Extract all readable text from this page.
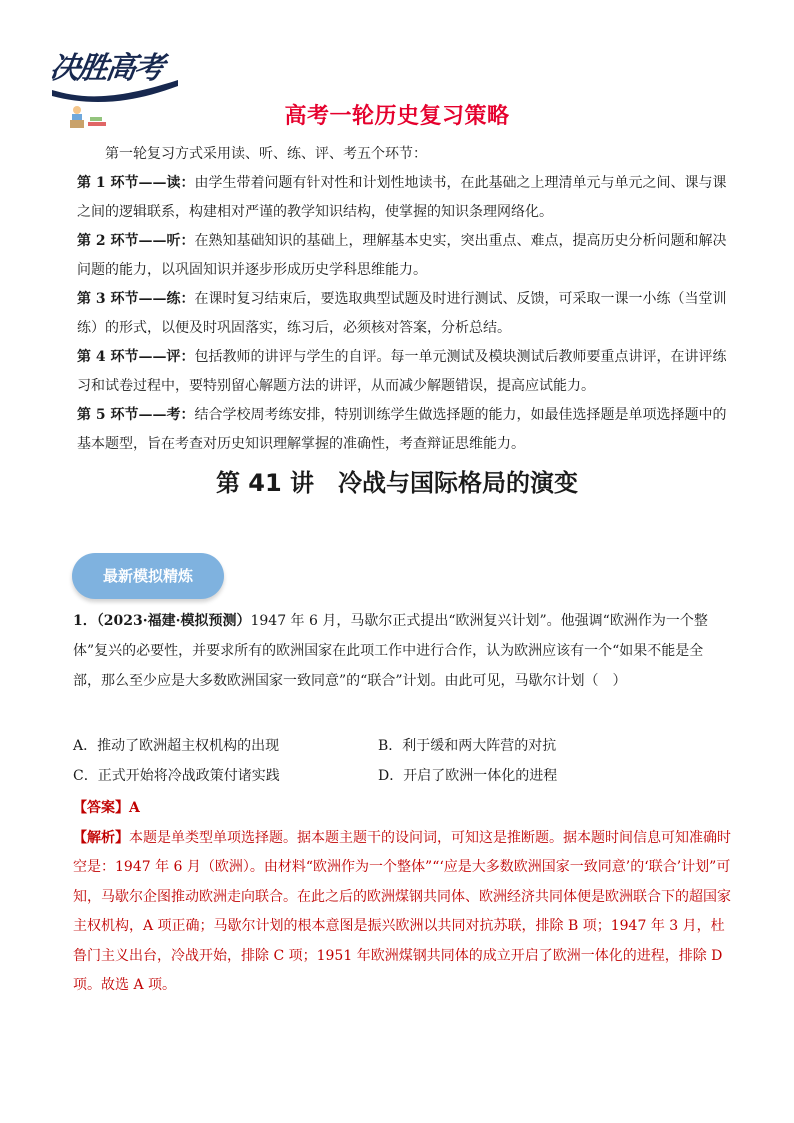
决胜高考
高考一轮历史复习策略

第一轮复习方式采用读、听、练、评、考五个环节：

第 1 环节——读：由学生带着问题有针对性和计划性地读书，在此基础之上理清单元与单元之间、课与课之间的逻辑联系，构建相对严谨的教学知识结构，使掌握的知识条理网络化。

第 2 环节——听：在熟知基础知识的基础上，理解基本史实，突出重点、难点，提高历史分析问题和解决问题的能力，以巩固知识并逐步形成历史学科思维能力。

第 3 环节——练：在课时复习结束后，要选取典型试题及时进行测试、反馈，可采取一课一小练（当堂训练）的形式，以便及时巩固落实，练习后，必须核对答案，分析总结。

第 4 环节——评：包括教师的讲评与学生的自评。每一单元测试及模块测试后教师要重点讲评，在讲评练习和试卷过程中，要特别留心解题方法的讲评，从而减少解题错误，提高应试能力。

第 5 环节——考：结合学校周考练安排，特别训练学生做选择题的能力，如最佳选择题是单项选择题中的基本题型，旨在考查对历史知识理解掌握的准确性，考查辩证思维能力。

第 41 讲 冷战与国际格局的演变
最新模拟精炼

1．（2023·福建·模拟预测）1947 年 6 月，马歇尔正式提出“欧洲复兴计划”。他强调“欧洲作为一个整体”复兴的必要性，并要求所有的欧洲国家在此项工作中进行合作，认为欧洲应该有一个“如果不能是全部，那么至少应是大多数欧洲国家一致同意”的“联合”计划。由此可见，马歇尔计划（　）

A．推动了欧洲超主权机构的出现	B．利于缓和两大阵营的对抗
C．正式开始将冷战政策付诸实践	D．开启了欧洲一体化的进程

【答案】A

【解析】本题是单类型单项选择题。据本题主题干的设问词，可知这是推断题。据本题时间信息可知准确时空是：1947 年 6 月（欧洲）。由材料“欧洲作为一个整体”“‘应是大多数欧洲国家一致同意’的‘联合’计划”可知，马歇尔企图推动欧洲走向联合。在此之后的欧洲煤钢共同体、欧洲经济共同体便是欧洲联合下的超国家主权机构，A 项正确；马歇尔计划的根本意图是振兴欧洲以共同对抗苏联，排除 B 项；1947 年 3 月，杜鲁门主义出台，冷战开始，排除 C 项；1951 年欧洲煤钢共同体的成立开启了欧洲一体化的进程，排除 D 项。故选 A 项。
